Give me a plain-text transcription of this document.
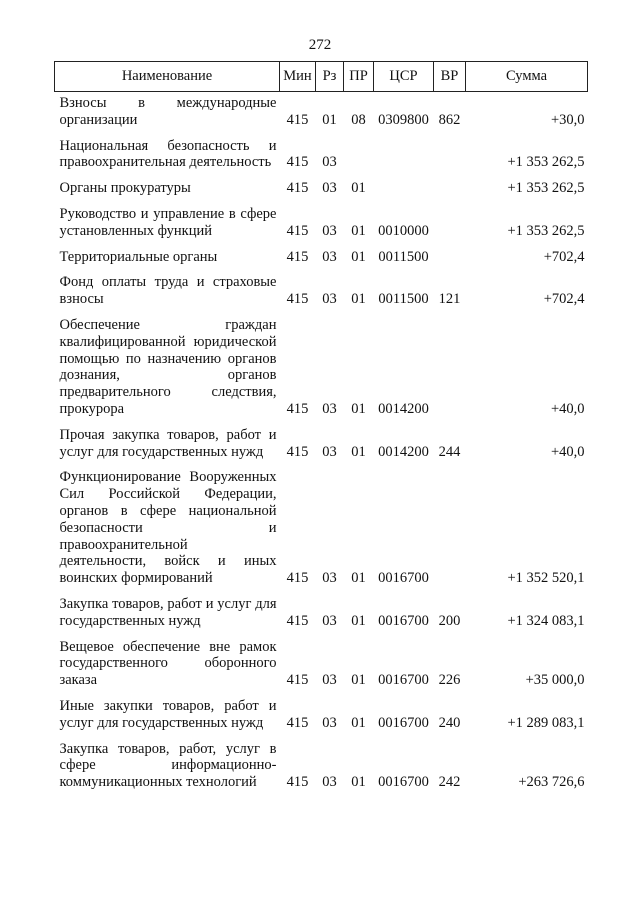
272
Наименование	Мин	Рз	ПР	ЦСР	ВР	Сумма

Взносы в международные организации	415	01	08	0309800	862	+30,0

Национальная безопасность и правоохранительная деятельность	415	03				+1 353 262,5

Органы прокуратуры	415	03	01			+1 353 262,5

Руководство и управление в сфере установленных функций	415	03	01	0010000		+1 353 262,5

Территориальные органы	415	03	01	0011500		+702,4

Фонд оплаты труда и страховые взносы	415	03	01	0011500	121	+702,4

Обеспечение граждан квалифицированной юридической помощью по назначению органов дознания, органов предварительного следствия, прокурора	415	03	01	0014200		+40,0

Прочая закупка товаров, работ и услуг для государственных нужд	415	03	01	0014200	244	+40,0

Функционирование Вооруженных Сил Российской Федерации, органов в сфере национальной безопасности и правоохранительной деятельности, войск и иных воинских формирований	415	03	01	0016700		+1 352 520,1

Закупка товаров, работ и услуг для государственных нужд	415	03	01	0016700	200	+1 324 083,1

Вещевое обеспечение вне рамок государственного оборонного заказа	415	03	01	0016700	226	+35 000,0

Иные закупки товаров, работ и услуг для государственных нужд	415	03	01	0016700	240	+1 289 083,1

Закупка товаров, работ, услуг в сфере информационно-коммуникационных технологий	415	03	01	0016700	242	+263 726,6
